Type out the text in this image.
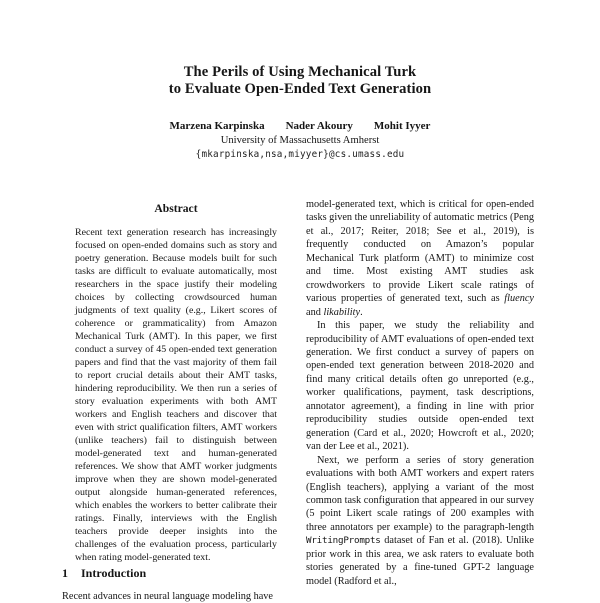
The Perils of Using Mechanical Turk
to Evaluate Open-Ended Text Generation
Marzena Karpinska Nader Akoury Mohit Iyyer
University of Massachusetts Amherst
{mkarpinska,nsa,miyyer}@cs.umass.edu
Abstract

Recent text generation research has increasingly focused on open-ended domains such as story and poetry generation. Because models built for such tasks are difficult to evaluate automatically, most researchers in the space justify their modeling choices by collecting crowdsourced human judgments of text quality (e.g., Likert scores of coherence or grammaticality) from Amazon Mechanical Turk (AMT). In this paper, we first conduct a survey of 45 open-ended text generation papers and find that the vast majority of them fail to report crucial details about their AMT tasks, hindering reproducibility. We then run a series of story evaluation experiments with both AMT workers and English teachers and discover that even with strict qualification filters, AMT workers (unlike teachers) fail to distinguish between model-generated text and human-generated references. We show that AMT worker judgments improve when they are shown model-generated output alongside human-generated references, which enables the workers to better calibrate their ratings. Finally, interviews with the English teachers provide deeper insights into the challenges of the evaluation process, particularly when rating model-generated text.

1 Introduction

Recent advances in neural language modeling have

model-generated text, which is critical for open-ended tasks given the unreliability of automatic metrics (Peng et al., 2017; Reiter, 2018; See et al., 2019), is frequently conducted on Amazon’s popular Mechanical Turk platform (AMT) to minimize cost and time. Most existing AMT studies ask crowdworkers to provide Likert scale ratings of various properties of generated text, such as fluency and likability.

In this paper, we study the reliability and reproducibility of AMT evaluations of open-ended text generation. We first conduct a survey of papers on open-ended text generation between 2018-2020 and find many critical details often go unreported (e.g., worker qualifications, payment, task descriptions, annotator agreement), a finding in line with prior reproducibility studies outside open-ended text generation (Card et al., 2020; Howcroft et al., 2020; van der Lee et al., 2021).

Next, we perform a series of story generation evaluations with both AMT workers and expert raters (English teachers), applying a variant of the most common task configuration that appeared in our survey (5 point Likert scale ratings of 200 examples with three annotators per example) to the paragraph-length WritingPrompts dataset of Fan et al. (2018). Unlike prior work in this area, we ask raters to evaluate both stories generated by a fine-tuned GPT-2 language model (Radford et al.,
